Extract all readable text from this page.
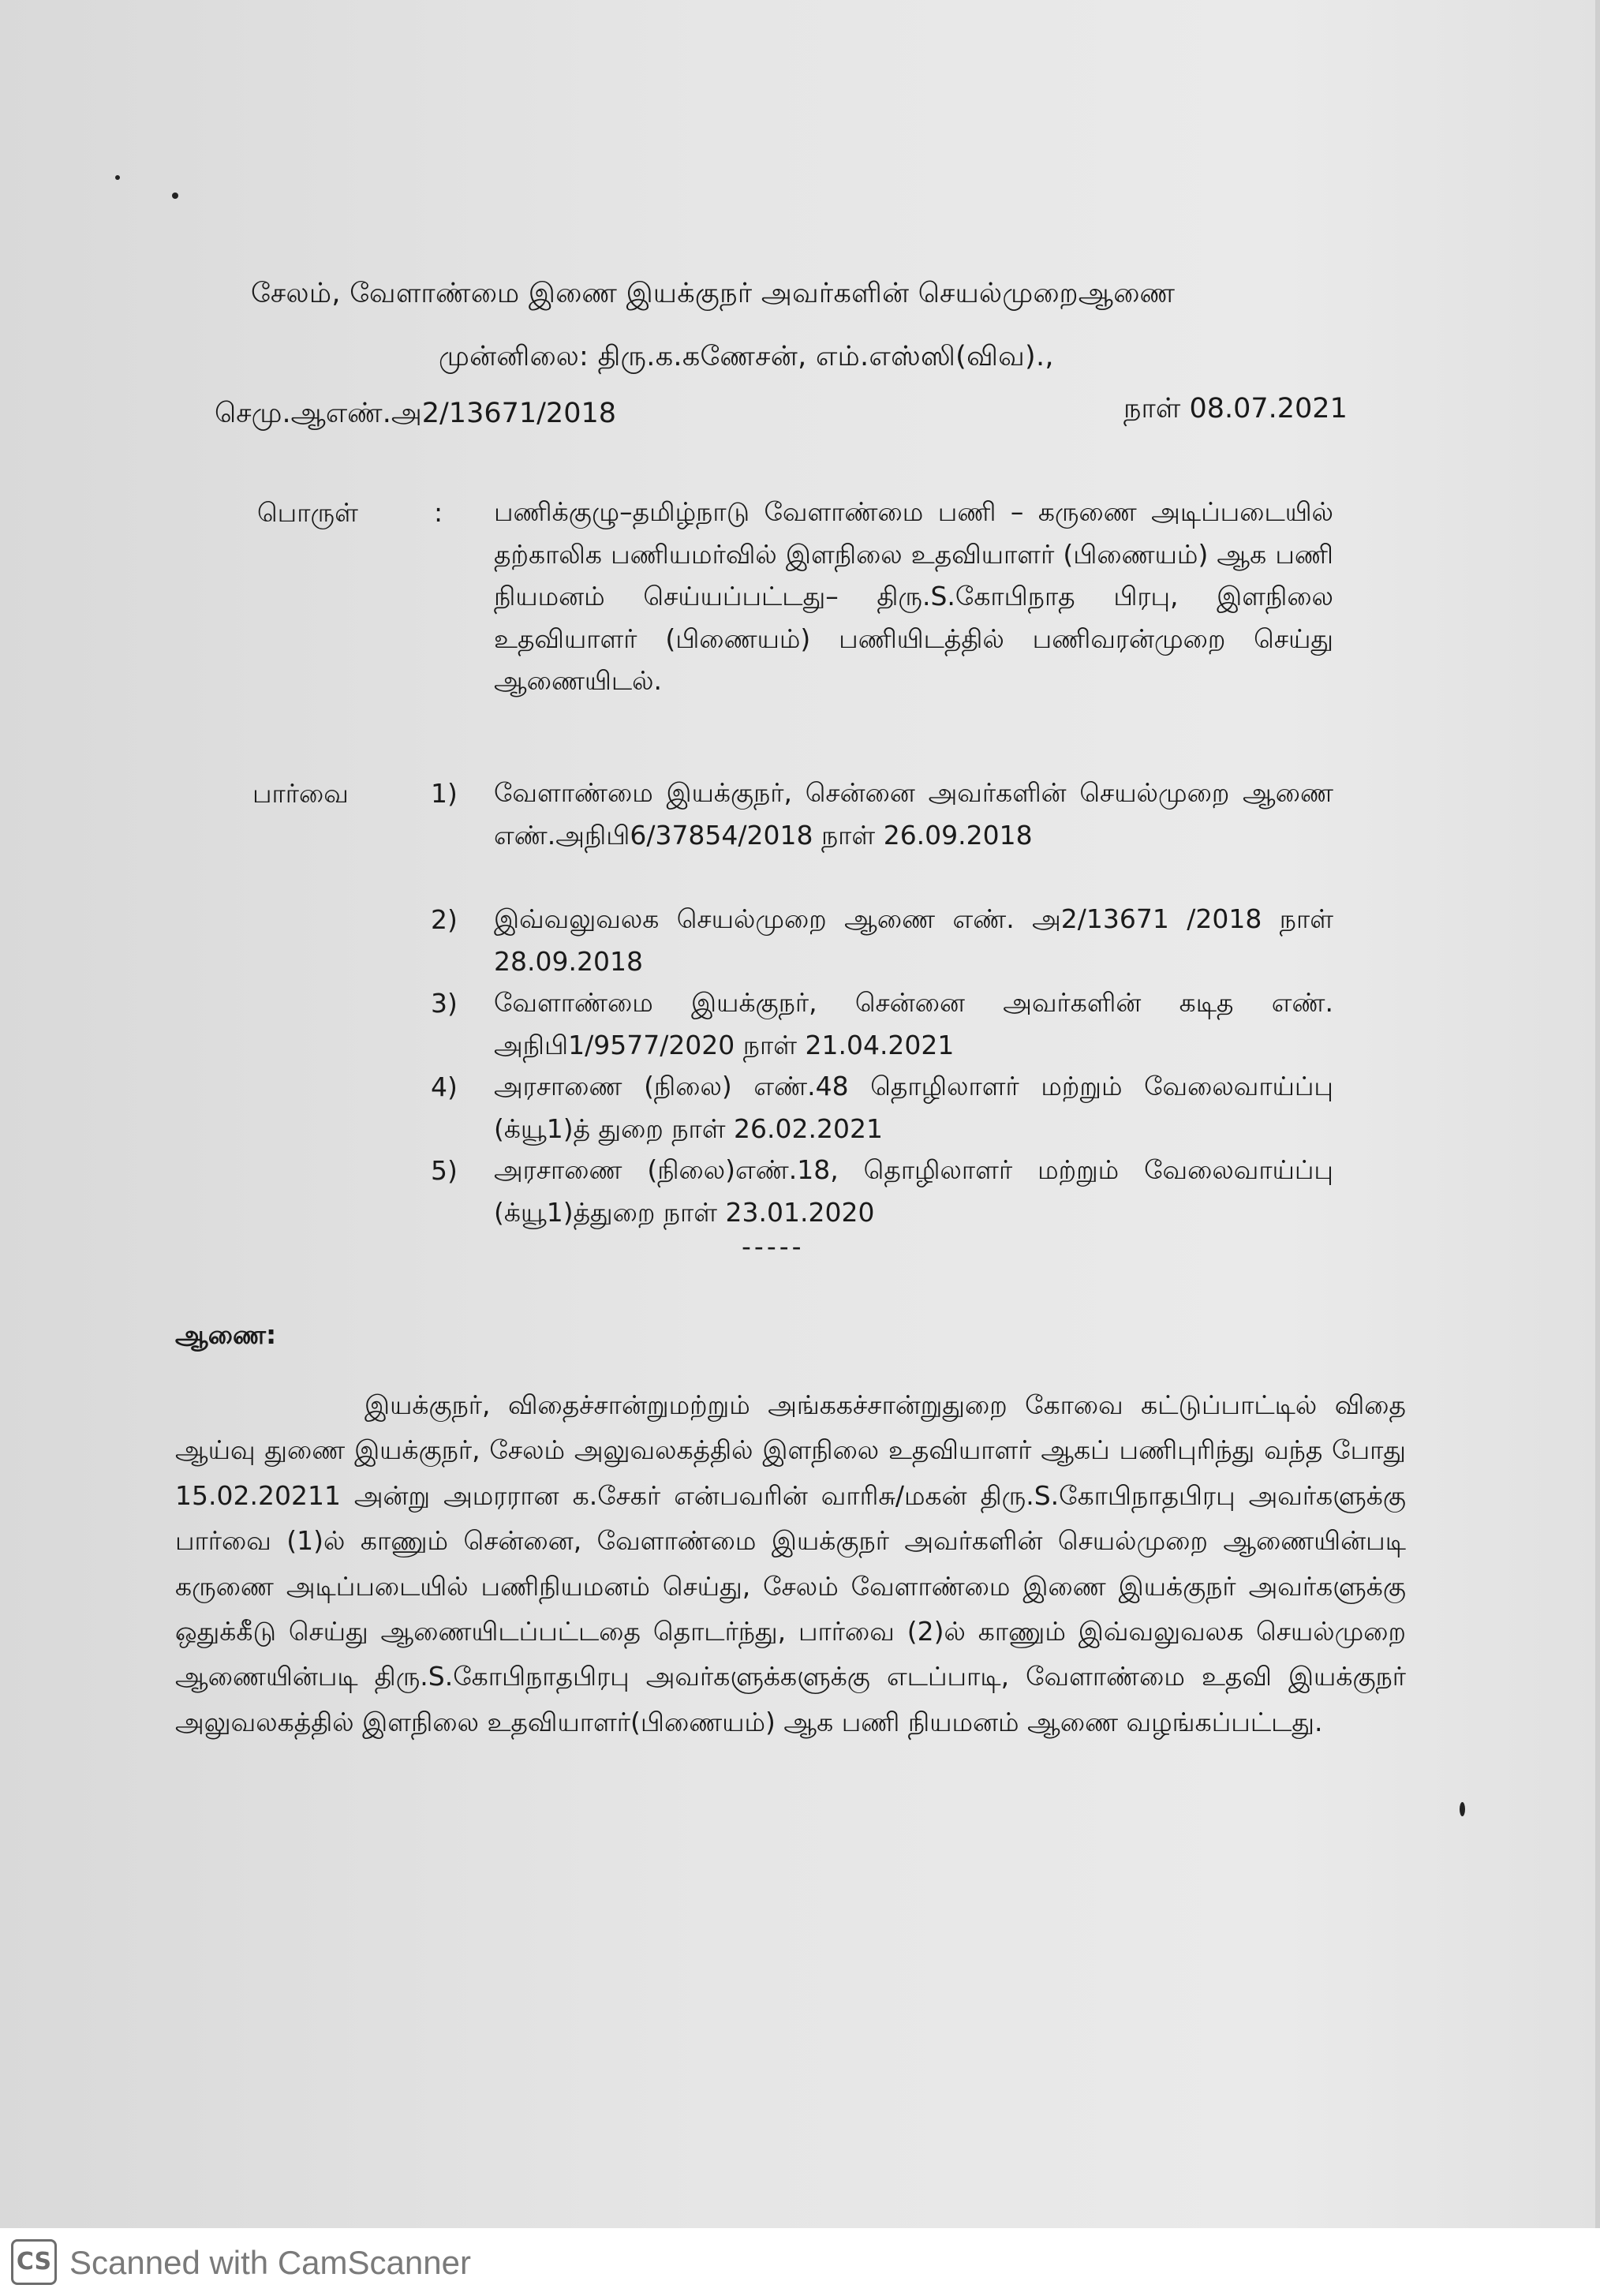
சேலம், வேளாண்மை இணை இயக்குநர் அவர்களின் செயல்முறைஆணை
முன்னிலை: திரு.க.கணேசன், எம்.எஸ்ஸி(விவ).,
செமு.ஆஎண்.அ2/13671/2018	நாள் 08.07.2021
பொருள்	: பணிக்குழு–தமிழ்நாடு வேளாண்மை பணி – கருணை அடிப்படையில் தற்காலிக பணியமர்வில் இளநிலை உதவியாளர் (பிணையம்) ஆக பணி நியமனம் செய்யப்பட்டது– திரு.S.கோபிநாத பிரபு, இளநிலை உதவியாளர் (பிணையம்) பணியிடத்தில் பணிவரன்முறை செய்து ஆணையிடல்.
பார்வை	1) வேளாண்மை இயக்குநர், சென்னை அவர்களின் செயல்முறை ஆணை எண்.அநிபி6/37854/2018 நாள் 26.09.2018
2) இவ்வலுவலக செயல்முறை ஆணை எண். அ2/13671 /2018 நாள் 28.09.2018
3) வேளாண்மை இயக்குநர், சென்னை அவர்களின் கடித எண். அநிபி1/9577/2020 நாள் 21.04.2021
4) அரசாணை (நிலை) எண்.48 தொழிலாளர் மற்றும் வேலைவாய்ப்பு (க்யூ1)த் துறை நாள் 26.02.2021
5) அரசாணை (நிலை)எண்.18, தொழிலாளர் மற்றும் வேலைவாய்ப்பு (க்யூ1)த்துறை நாள் 23.01.2020
-----
ஆணை:
இயக்குநர், விதைச்சான்றுமற்றும் அங்ககச்சான்றுதுறை கோவை கட்டுப்பாட்டில் விதை ஆய்வு துணை இயக்குநர், சேலம் அலுவலகத்தில் இளநிலை உதவியாளர் ஆகப் பணிபுரிந்து வந்த போது 15.02.20211 அன்று அமரரான க.சேகர் என்பவரின் வாரிசு/மகன் திரு.S.கோபிநாதபிரபு அவர்களுக்கு பார்வை (1)ல் காணும் சென்னை, வேளாண்மை இயக்குநர் அவர்களின் செயல்முறை ஆணையின்படி கருணை அடிப்படையில் பணிநியமனம் செய்து, சேலம் வேளாண்மை இணை இயக்குநர் அவர்களுக்கு ஒதுக்கீடு செய்து ஆணையிடப்பட்டதை தொடர்ந்து, பார்வை (2)ல் காணும் இவ்வலுவலக செயல்முறை ஆணையின்படி திரு.S.கோபிநாதபிரபு அவர்களுக்களுக்கு எடப்பாடி, வேளாண்மை உதவி இயக்குநர் அலுவலகத்தில் இளநிலை உதவியாளர்(பிணையம்) ஆக பணி நியமனம் ஆணை வழங்கப்பட்டது.
CS Scanned with CamScanner
